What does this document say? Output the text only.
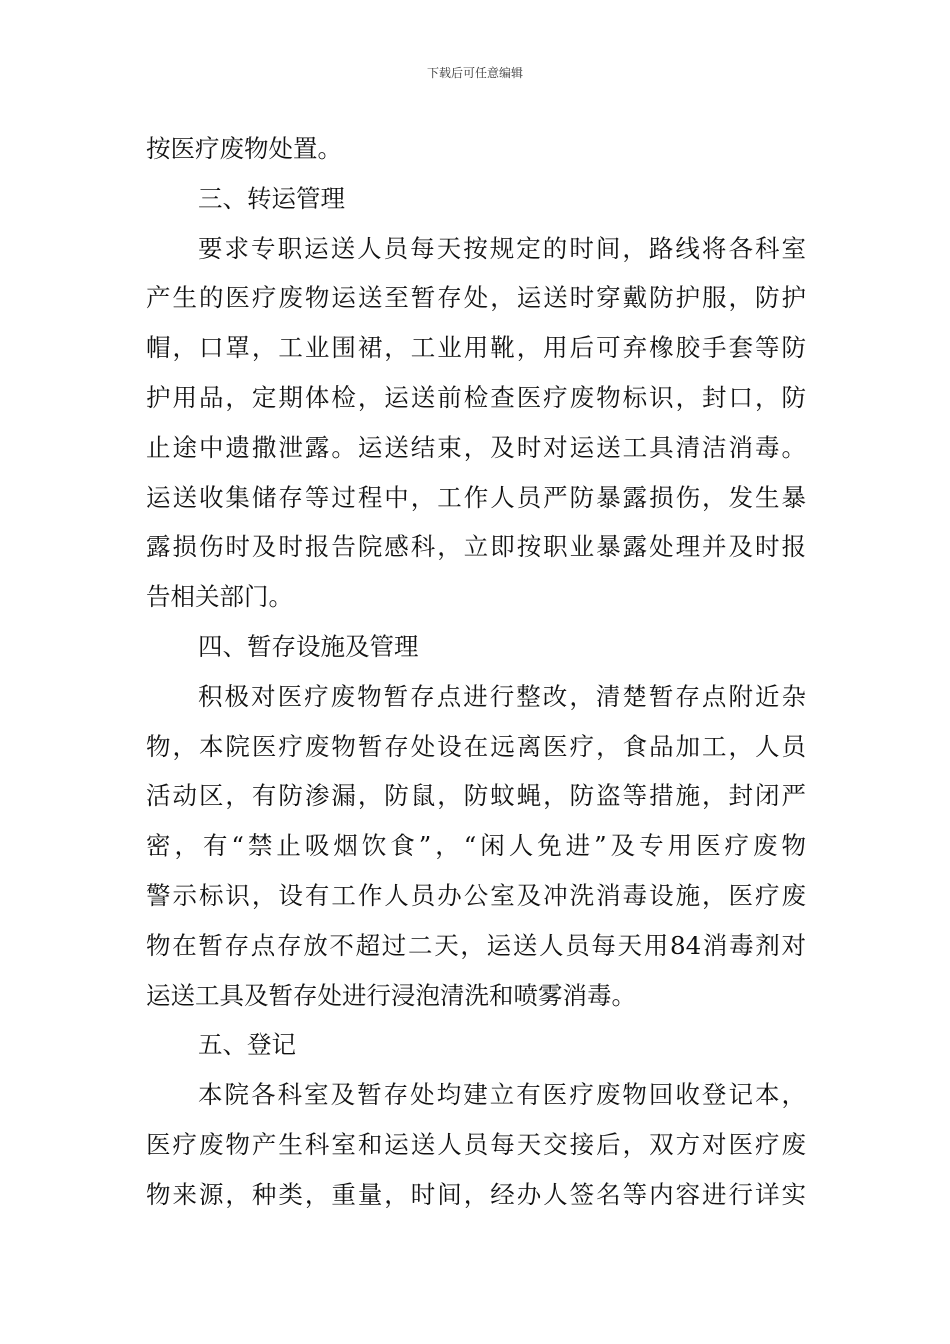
下载后可任意编辑
按医疗废物处置。
三、转运管理
要求专职运送人员每天按规定的时间，路线将各科室
产生的医疗废物运送至暂存处，运送时穿戴防护服，防护
帽，口罩，工业围裙，工业用靴，用后可弃橡胶手套等防
护用品，定期体检，运送前检查医疗废物标识，封口，防
止途中遗撒泄露。运送结束，及时对运送工具清洁消毒。
运送收集储存等过程中，工作人员严防暴露损伤，发生暴
露损伤时及时报告院感科，立即按职业暴露处理并及时报
告相关部门。
四、暂存设施及管理
积极对医疗废物暂存点进行整改，清楚暂存点附近杂
物，本院医疗废物暂存处设在远离医疗，食品加工，人员
活动区，有防渗漏，防鼠，防蚊蝇，防盗等措施，封闭严
密，有“禁止吸烟饮食”，“闲人免进”及专用医疗废物
警示标识，设有工作人员办公室及冲洗消毒设施，医疗废
物在暂存点存放不超过二天，运送人员每天用84消毒剂对
运送工具及暂存处进行浸泡清洗和喷雾消毒。
五、登记
本院各科室及暂存处均建立有医疗废物回收登记本，
医疗废物产生科室和运送人员每天交接后，双方对医疗废
物来源，种类，重量，时间，经办人签名等内容进行详实
